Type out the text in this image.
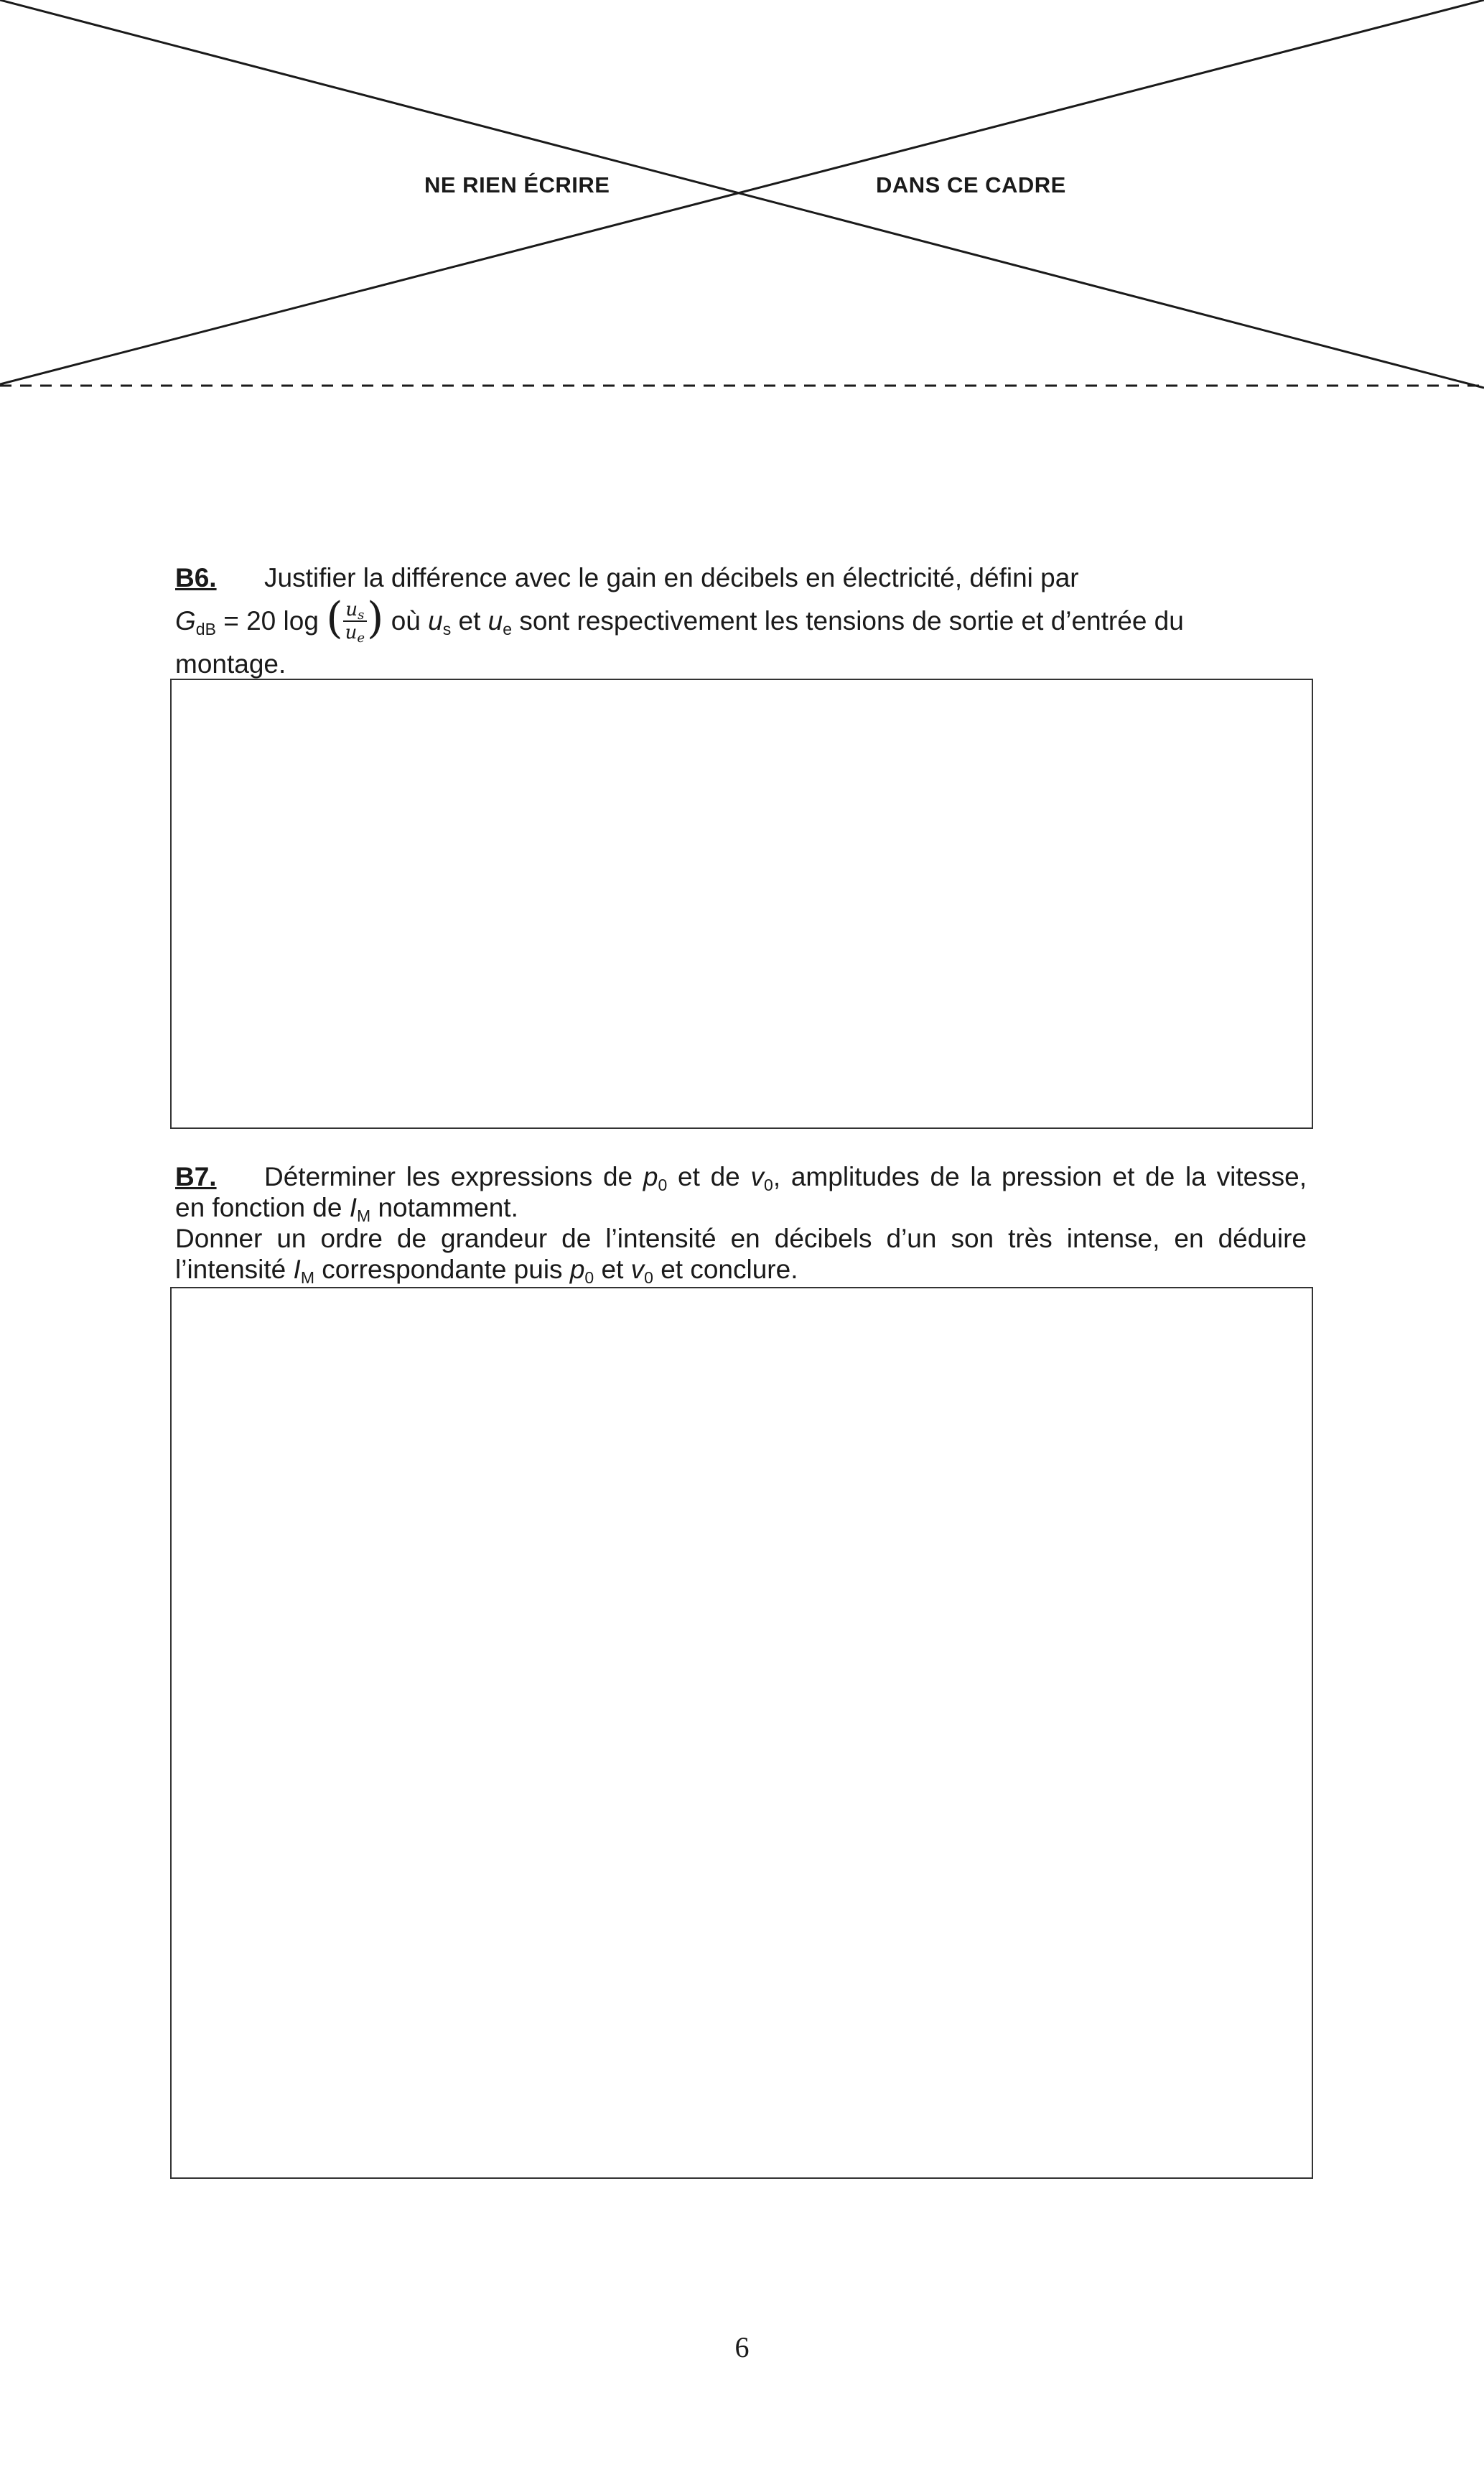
NE RIEN ÉCRIRE	DANS CE CADRE
B6. Justifier la différence avec le gain en décibels en électricité, défini par
$G_{dB} = 20$ log ( $\frac{u_s}{u_e}$ ) où $u_s$ et $u_e$ sont respectivement les tensions de sortie et d’entrée du
montage.
B7. Déterminer les expressions de $p_0$ et de $v_0$, amplitudes de la pression et de la vitesse,
en fonction de $I_M$ notamment.
Donner un ordre de grandeur de l’intensité en décibels d’un son très intense, en déduire
l’intensité $I_M$ correspondante puis $p_0$ et $v_0$ et conclure.
6
